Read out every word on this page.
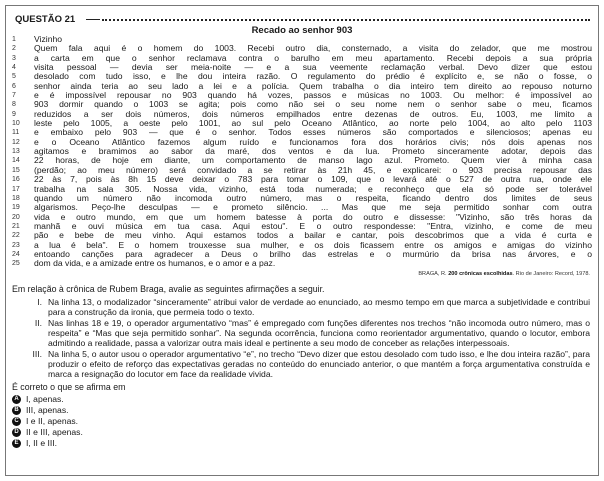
QUESTÃO 21
Recado ao senhor 903
1	Vizinho
2	Quem fala aqui é o homem do 1003. Recebi outro dia, consternado, a visita do zelador, que me mostrou
3	a carta em que o senhor reclamava contra o barulho em meu apartamento. Recebi depois a sua própria
4	visita pessoal — devia ser meia-noite — e a sua veemente reclamação verbal. Devo dizer que estou
5	desolado com tudo isso, e lhe dou inteira razão. O regulamento do prédio é explícito e, se não o fosse, o
6	senhor ainda teria ao seu lado a lei e a polícia. Quem trabalha o dia inteiro tem direito ao repouso noturno
7	e é impossível repousar no 903 quando há vozes, passos e músicas no 1003. Ou melhor: é impossível ao
8	903 dormir quando o 1003 se agita; pois como não sei o seu nome nem o senhor sabe o meu, ficamos
9	reduzidos a ser dois números, dois números empilhados entre dezenas de outros. Eu, 1003, me limito a
10	leste pelo 1005, a oeste pelo 1001, ao sul pelo Oceano Atlântico, ao norte pelo 1004, ao alto pelo 1103
11	e embaixo pelo 903 — que é o senhor. Todos esses números são comportados e silenciosos; apenas eu
12	e o Oceano Atlântico fazemos algum ruído e funcionamos fora dos horários civis; nós dois apenas nos
13	agitamos e bramimos ao sabor da maré, dos ventos e da lua. Prometo sinceramente adotar, depois das
14	22 horas, de hoje em diante, um comportamento de manso lago azul. Prometo. Quem vier à minha casa
15	(perdão; ao meu número) será convidado a se retirar às 21h 45, e explicarei: o 903 precisa repousar das
16	22 às 7, pois às 8h 15 deve deixar o 783 para tomar o 109, que o levará até o 527 de outra rua, onde ele
17	trabalha na sala 305. Nossa vida, vizinho, está toda numerada; e reconheço que ela só pode ser tolerável
18	quando um número não incomoda outro número, mas o respeita, ficando dentro dos limites de seus
19	algarismos. Peço-lhe desculpas — e prometo silêncio. ... Mas que me seja permitido sonhar com outra
20	vida e outro mundo, em que um homem batesse à porta do outro e dissesse: "Vizinho, são três horas da
21	manhã e ouvi música em tua casa. Aqui estou". E o outro respondesse: "Entra, vizinho, e come de meu
22	pão e bebe de meu vinho. Aqui estamos todos a bailar e cantar, pois descobrimos que a vida é curta e
23	a lua é bela". E o homem trouxesse sua mulher, e os dois ficassem entre os amigos e amigas do vizinho
24	entoando canções para agradecer a Deus o brilho das estrelas e o murmúrio da brisa nas árvores, e o
25	dom da vida, e a amizade entre os humanos, e o amor e a paz.
BRAGA, R. 200 crônicas escolhidas. Rio de Janeiro: Record, 1978.
Em relação à crônica de Rubem Braga, avalie as seguintes afirmações a seguir.
I. Na linha 13, o modalizador “sinceramente” atribui valor de verdade ao enunciado, ao mesmo tempo em que marca a subjetividade e contribui para a construção da ironia, que permeia todo o texto.
II. Nas linhas 18 e 19, o operador argumentativo “mas” é empregado com funções diferentes nos trechos “não incomoda outro número, mas o respeita” e “Mas que seja permitido sonhar”. Na segunda ocorrência, funciona como reorientador argumentativo, quando o locutor, embora admitindo a realidade, passa a valorizar outra mais ideal e pertinente a seu modo de conceber as relações interpessoais.
III. Na linha 5, o autor usou o operador argumentativo “e”, no trecho “Devo dizer que estou desolado com tudo isso, e lhe dou inteira razão”, para produzir o efeito de reforço das expectativas geradas no conteúdo do enunciado anterior, o que mantém a força argumentativa construída e marca a resignação do locutor em face da realidade vivida.
É correto o que se afirma em
A I, apenas.
B III, apenas.
C I e II, apenas.
D II e III, apenas.
E I, II e III.
